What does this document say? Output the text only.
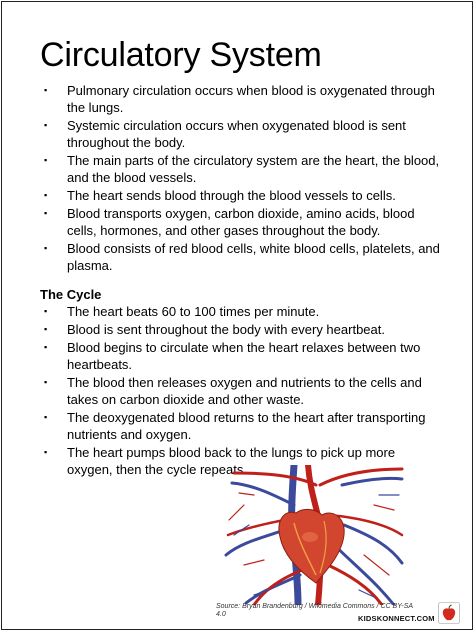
Circulatory System
▪ Pulmonary circulation occurs when blood is oxygenated through the lungs.
▪ Systemic circulation occurs when oxygenated blood is sent throughout the body.
▪ The main parts of the circulatory system are the heart, the blood, and the blood vessels.
▪ The heart sends blood through the blood vessels to cells.
▪ Blood transports oxygen, carbon dioxide, amino acids, blood cells, hormones, and other gases throughout the body.
▪ Blood consists of red blood cells, white blood cells, platelets, and plasma.
The Cycle
▪ The heart beats 60 to 100 times per minute.
▪ Blood is sent throughout the body with every heartbeat.
▪ Blood begins to circulate when the heart relaxes between two heartbeats.
▪ The blood then releases oxygen and nutrients to the cells and takes on carbon dioxide and other waste.
▪ The deoxygenated blood returns to the heart after transporting nutrients and oxygen.
▪ The heart pumps blood back to the lungs to pick up more oxygen, then the cycle repeats.
Source: Bryan Brandenburg / Wikimedia Commons / CC BY-SA 4.0	KIDSKONNECT.COM
